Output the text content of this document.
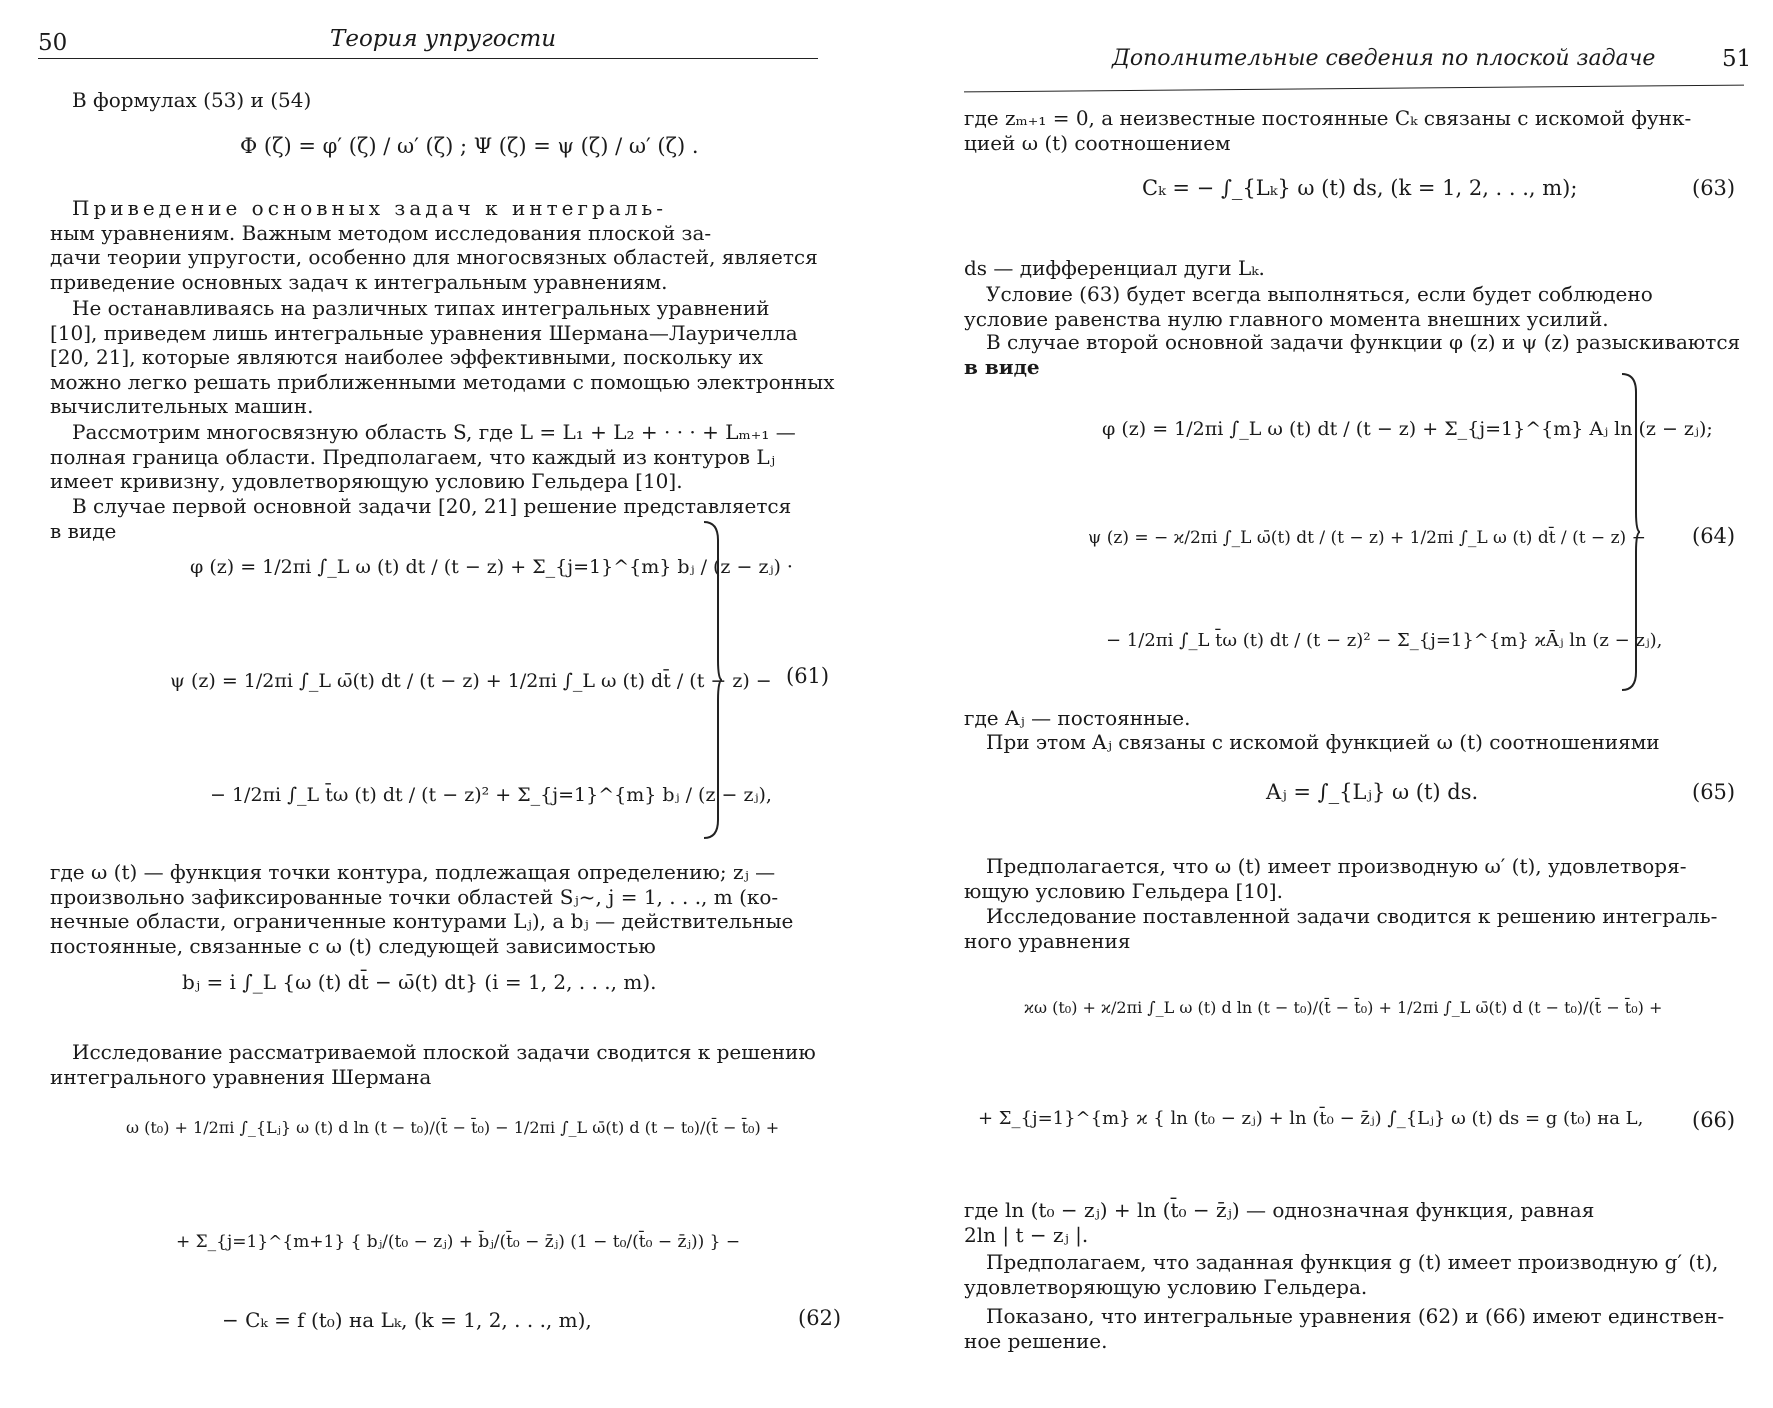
50	Теория упругости
В формулах (53) и (54)
Φ (ζ) = φ′ (ζ) / ω′ (ζ) ; Ψ (ζ) = ψ (ζ) / ω′ (ζ) .
Приведение основных задач к интеграль-
ным уравнениям. Важным методом исследования плоской за-
дачи теории упругости, особенно для многосвязных областей, является
приведение основных задач к интегральным уравнениям.
Не останавливаясь на различных типах интегральных уравнений
[10], приведем лишь интегральные уравнения Шермана—Лауричелла
[20, 21], которые являются наиболее эффективными, поскольку их
можно легко решать приближенными методами с помощью электронных
вычислительных машин.
Рассмотрим многосвязную область S, где L = L₁ + L₂ + · · · + Lₘ₊₁ —
полная граница области. Предполагаем, что каждый из контуров Lⱼ
имеет кривизну, удовлетворяющую условию Гельдера [10].
В случае первой основной задачи [20, 21] решение представляется
в виде
φ (z) = 1/2πi ∫_L ω (t) dt / (t − z) + Σ_{j=1}^{m} bⱼ / (z − zⱼ) ·
ψ (z) = 1/2πi ∫_L ω̄(t) dt / (t − z) + 1/2πi ∫_L ω (t) dt̄ / (t − z) −
− 1/2πi ∫_L t̄ω (t) dt / (t − z)² + Σ_{j=1}^{m} bⱼ / (z − zⱼ),
(61)
где ω (t) — функция точки контура, подлежащая определению; zⱼ —
произвольно зафиксированные точки областей Sⱼ~, j = 1, . . ., m (ко-
нечные области, ограниченные контурами Lⱼ), а bⱼ — действительные
постоянные, связанные с ω (t) следующей зависимостью
bⱼ = i ∫_L {ω (t) dt̄ − ω̄(t) dt} (i = 1, 2, . . ., m).
Исследование рассматриваемой плоской задачи сводится к решению
интегрального уравнения Шермана
ω (t₀) + 1/2πi ∫_{Lⱼ} ω (t) d ln (t − t₀)/(t̄ − t̄₀) − 1/2πi ∫_L ω̄(t) d (t − t₀)/(t̄ − t̄₀) +
+ Σ_{j=1}^{m+1} { bⱼ/(t₀ − zⱼ) + b̄ⱼ/(t̄₀ − z̄ⱼ) (1 − t₀/(t̄₀ − z̄ⱼ)) } −
− Cₖ = f (t₀) на Lₖ, (k = 1, 2, . . ., m),	(62)
Дополнительные сведения по плоской задаче	51
где zₘ₊₁ = 0, а неизвестные постоянные Cₖ связаны с искомой функ-
цией ω (t) соотношением
Cₖ = − ∫_{Lₖ} ω (t) ds, (k = 1, 2, . . ., m);	(63)
ds — дифференциал дуги Lₖ.
Условие (63) будет всегда выполняться, если будет соблюдено
условие равенства нулю главного момента внешних усилий.
В случае второй основной задачи функции φ (z) и ψ (z) разыскиваются
в виде
φ (z) = 1/2πi ∫_L ω (t) dt / (t − z) + Σ_{j=1}^{m} Aⱼ ln (z − zⱼ);
ψ (z) = − ϰ/2πi ∫_L ω̄(t) dt / (t − z) + 1/2πi ∫_L ω (t) dt̄ / (t − z) −
− 1/2πi ∫_L t̄ω (t) dt / (t − z)² − Σ_{j=1}^{m} ϰĀⱼ ln (z − zⱼ),
(64)
где Aⱼ — постоянные.
При этом Aⱼ связаны с искомой функцией ω (t) соотношениями
Aⱼ = ∫_{Lⱼ} ω (t) ds.	(65)
Предполагается, что ω (t) имеет производную ω′ (t), удовлетворя-
ющую условию Гельдера [10].
Исследование поставленной задачи сводится к решению интеграль-
ного уравнения
ϰω (t₀) + ϰ/2πi ∫_L ω (t) d ln (t − t₀)/(t̄ − t̄₀) + 1/2πi ∫_L ω̄(t) d (t − t₀)/(t̄ − t̄₀) +
+ Σ_{j=1}^{m} ϰ { ln (t₀ − zⱼ) + ln (t̄₀ − z̄ⱼ) ∫_{Lⱼ} ω (t) ds = g (t₀) на L, (66)
где ln (t₀ − zⱼ) + ln (t̄₀ − z̄ⱼ) — однозначная функция, равная
2ln | t − zⱼ |.
Предполагаем, что заданная функция g (t) имеет производную g′ (t),
удовлетворяющую условию Гельдера.
Показано, что интегральные уравнения (62) и (66) имеют единствен-
ное решение.
